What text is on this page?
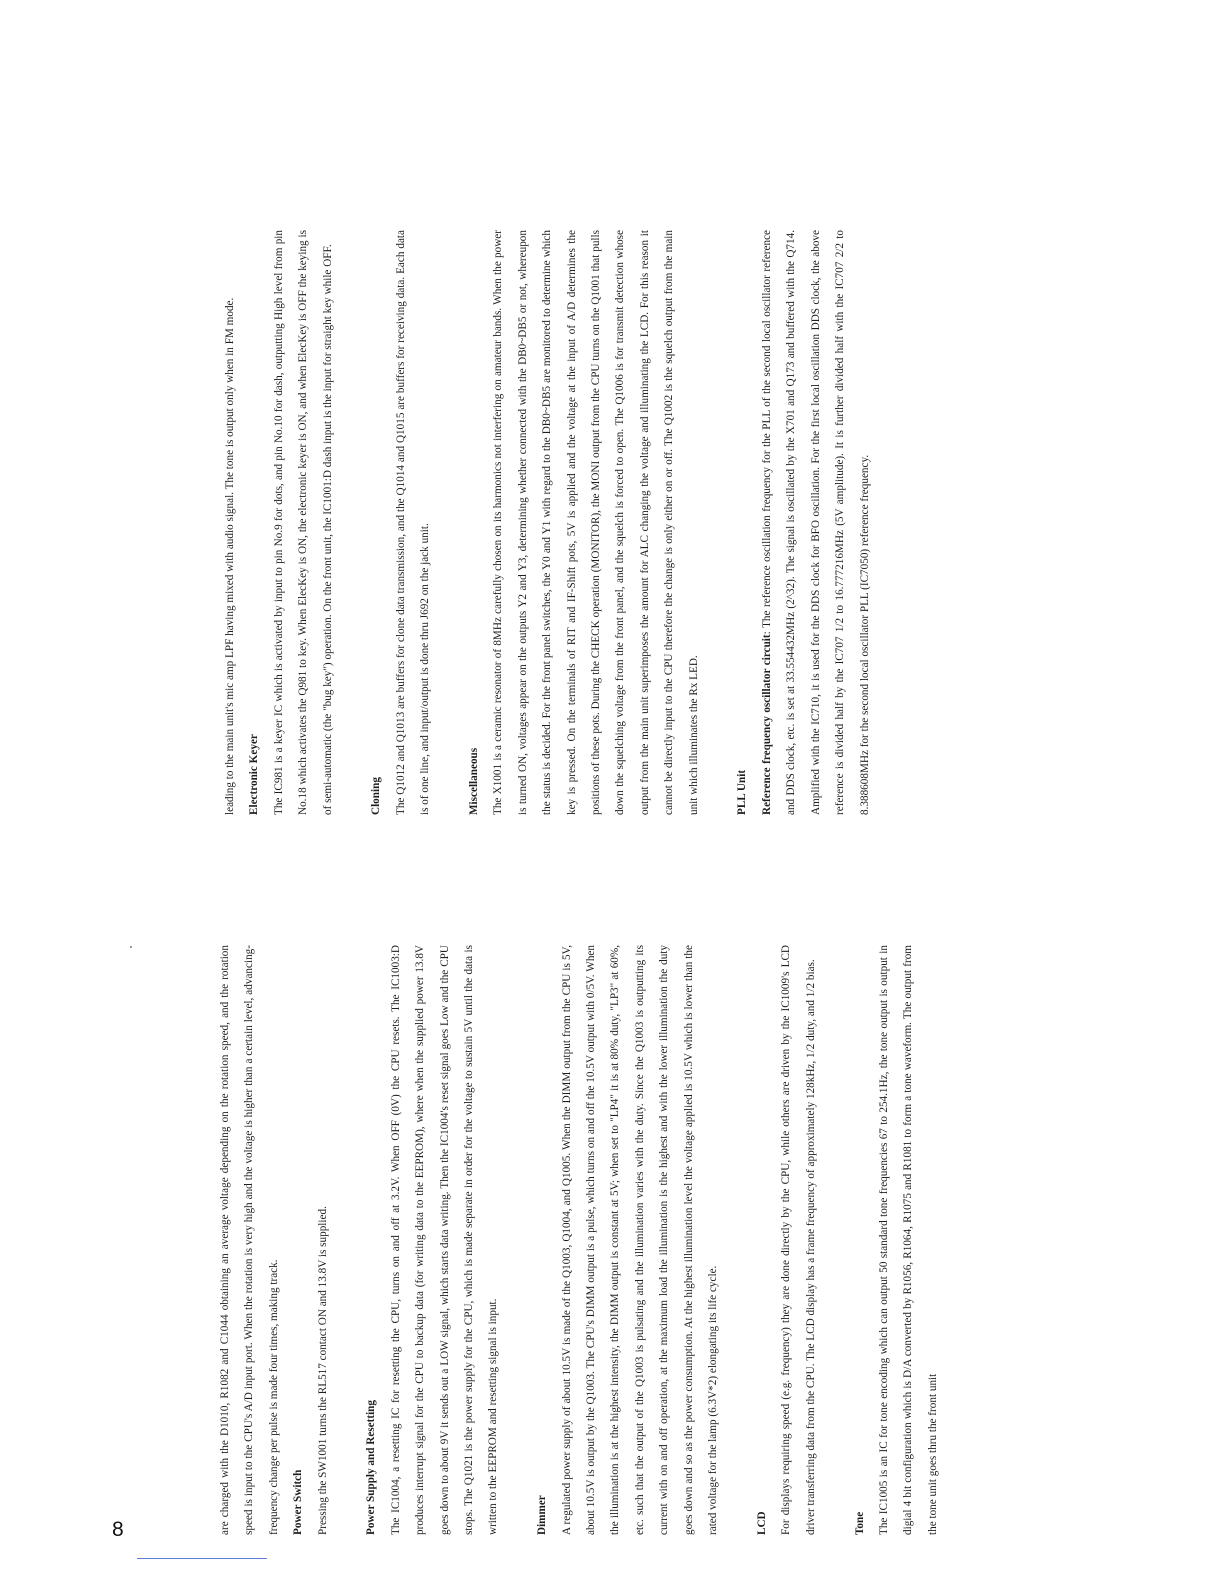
8	are charged with the D1010, R1082 and C1044 obtaining an average voltage depending on the rotation speed, and the rotation speed is input to the CPU's A/D input port. When the rotation is very high and the voltage is higher than a certain level, advancing-frequency change per pulse is made four times, making track.	Power Switch	Pressing the SW1001 turns the RL517 contact ON and 13.8V is supplied.	Power Supply and Resetting	The IC1004, a resetting IC for resetting the CPU, turns on and off at 3.2V. When OFF (0V) the CPU resets. The IC1003:D produces interrupt signal for the CPU to backup data (for writing data to the EEPROM), where when the supplied power 13.8V goes down to about 9V it sends out a LOW signal, which starts data writing. Then the IC1004's reset signal goes Low and the CPU stops. The Q1021 is the power supply for the CPU, which is made separate in order for the voltage to sustain 5V until the data is written to the EEPROM and resetting signal is input.	Dimmer	A regulated power supply of about 10.5V is made of the Q1003, Q1004, and Q1005. When the DIMM output from the CPU is 5V, about 10.5V is output by the Q1003. The CPU's DIMM output is a pulse, which turns on and off the 10.5V output with 0/5V. When the illumination is at the highest intensity, the DIMM output is constant at 5V; when set to "LP4" it is at 80% duty, "LP3" at 60%, etc. such that the output of the Q1003 is pulsating and the illumination varies with the duty. Since the Q1003 is outputting its current with on and off operation, at the maximum load the illumination is the highest and with the lower illumination the duty goes down and so as the power consumption. At the highest illumination level the voltage applied is 10.5V which is lower than the rated voltage for the lamp (6.3V*2) elongating its life cycle.	LCD	For displays requiring speed (e.g. frequency) they are done directly by the CPU, while others are driven by the IC1009's LCD driver transferring data from the CPU. The LCD display has a frame frequency of approximately 128kHz, 1/2 duty, and 1/2 bias.	Tone	The IC1005 is an IC for tone encoding which can output 50 standard tone frequencies 67 to 254.1Hz, the tone output is output in digial 4 bit configuration which is D/A converted by R1056, R1064, R1075 and R1081 to form a tone waveform. The output from the tone unit goes thru the front unit

leading to the main unit's mic amp LPF having mixed with audio signal. The tone is output only when in FM mode.	Electronic Keyer	The IC981 is a keyer IC which is activated by input to pin No.9 for dots, and pin No.10 for dash, outputting High level from pin No.18 which activates the Q981 to key. When ElecKey is ON, the electronic keyer is ON, and when ElecKey is OFF the keying is of semi-automatic (the "bug key") operation. On the front unit, the IC1001:D dash input is the input for straight key while OFF.	Cloning	The Q1012 and Q1013 are buffers for clone data transmission, and the Q1014 and Q1015 are buffers for receiving data. Each data is of one line, and input/output is done thru J692 on the jack unit.	Miscellaneous	The X1001 is a ceramic resonator of 8MHz carefully chosen on its harmonics not interfering on amateur bands. When the power is turned ON, voltages appear on the outputs Y2 and Y3, determining whether connected with the DB0~DB5 or not, whereupon the status is decided. For the front panel switches, the Y0 and Y1 with regard to the DB0~DB5 are monitored to determine which key is pressed. On the terminals of RIT and IF-Shift pots, 5V is applied and the voltage at the input of A/D determines the positions of these pots. During the CHECK operation (MONITOR), the MONI output from the CPU turns on the Q1001 that pulls down the squelching voltage from the front panel, and the squelch is forced to open. The Q1006 is for transmit detection whose output from the main unit superimposes the amount for ALC changing the voltage and illuminating the LCD. For this reason it cannot be directly input to the CPU therefore the change is only either on or off. The Q1002 is the squelch output from the main unit which illuminates the Rx LED.	PLL Unit	Reference frequency oscillator circuit: The reference oscillation frequency for the PLL of the second local oscillator reference and DDS clock, etc. is set at 33.554432MHz (2^32). The signal is oscillated by the X701 and Q173 and buffered with the Q714. Amplified with the IC710, it is used for the DDS clock for BFO oscillation. For the first local oscillation DDS clock, the above reference is divided half by the IC707 1/2 to 16.777216MHz (5V amplitude). It is further divided half with the IC707 2/2 to 8.388608MHz for the second local oscillator PLL (IC7050) reference frequency.
